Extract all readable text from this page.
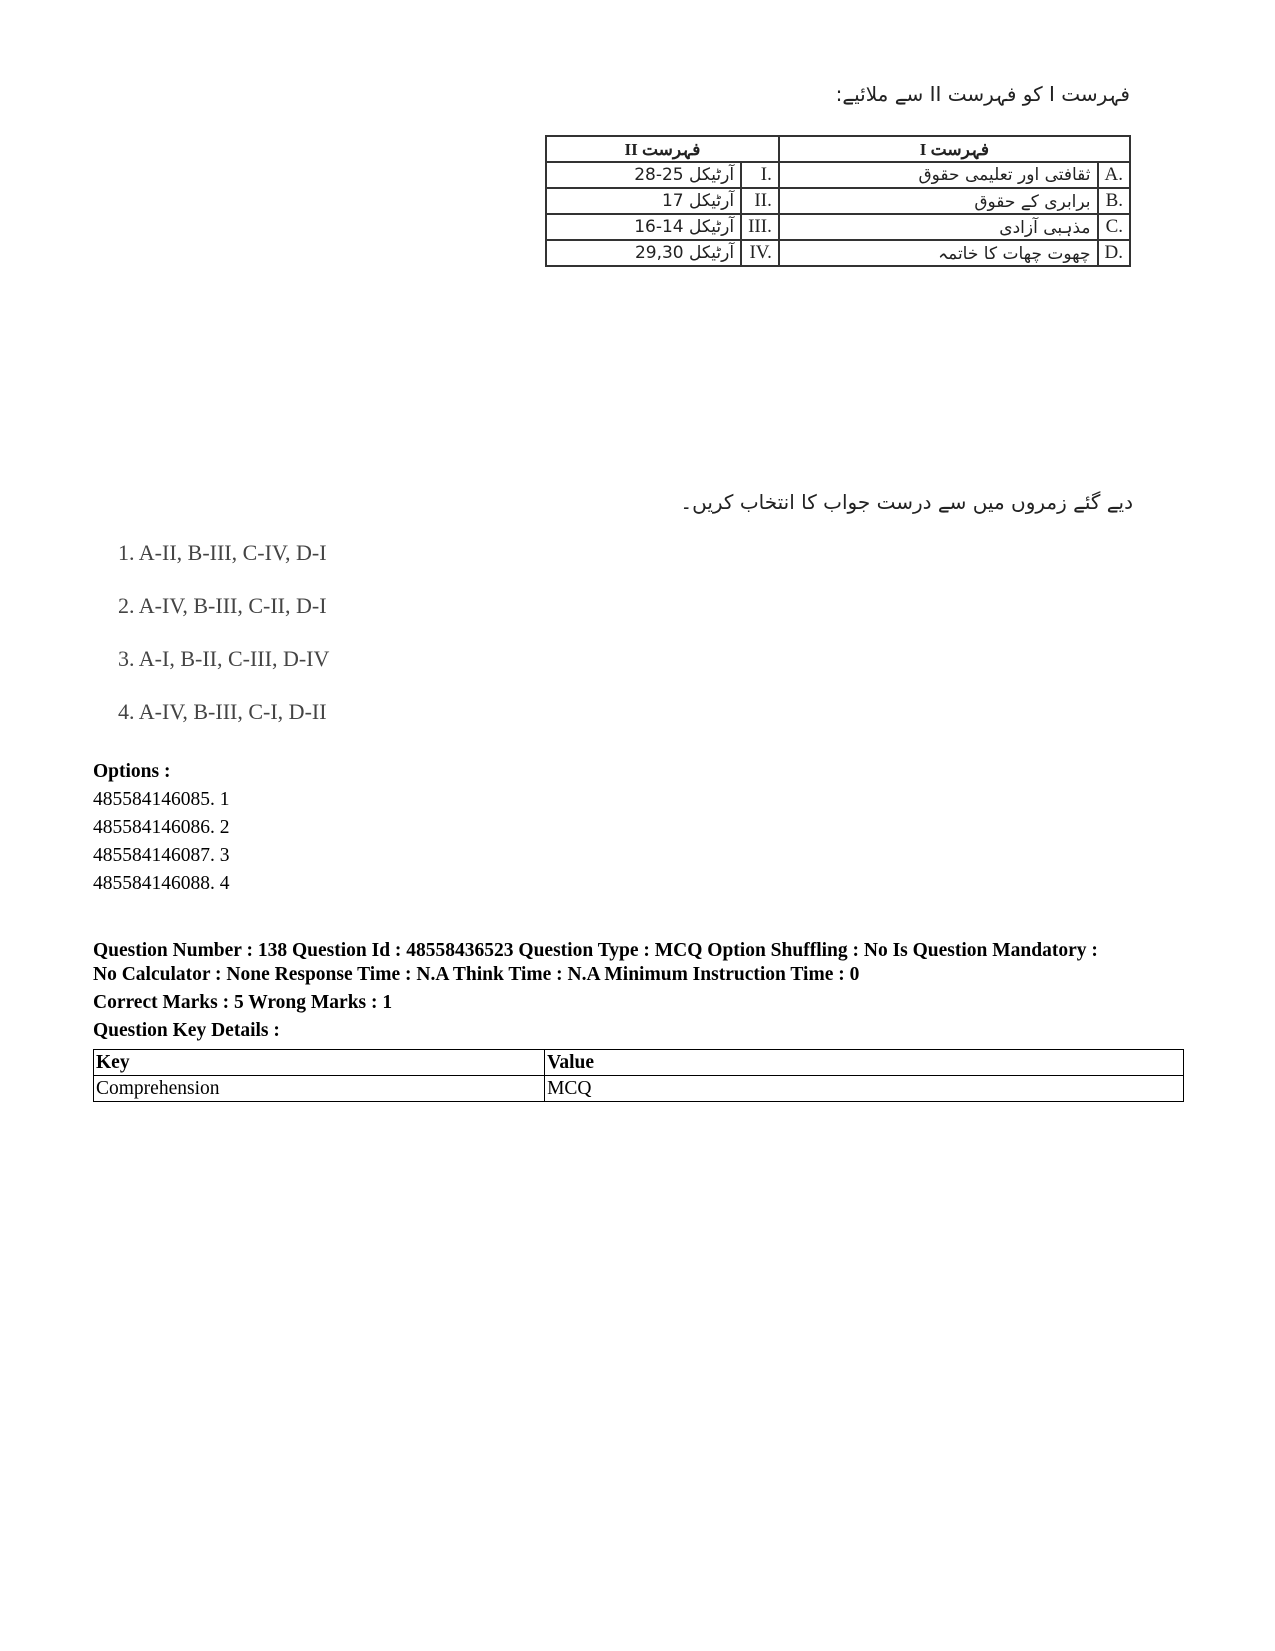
فہرست I کو فہرست II سے ملائیے:
فہرست I		فہرست II	
A.	ثقافتی اور تعلیمی حقوق	I.	آرٹیکل 25-28
B.	برابری کے حقوق	II.	آرٹیکل 17
C.	مذہبی آزادی	III.	آرٹیکل 14-16
D.	چھوت چھات کا خاتمہ	IV.	آرٹیکل 29,30
دیے گئے زمروں میں سے درست جواب کا انتخاب کریں۔
1. A-II, B-III, C-IV, D-I
2. A-IV, B-III, C-II, D-I
3. A-I, B-II, C-III, D-IV
4. A-IV, B-III, C-I, D-II
Options :
485584146085. 1
485584146086. 2
485584146087. 3
485584146088. 4
Question Number : 138 Question Id : 48558436523 Question Type : MCQ Option Shuffling : No Is Question Mandatory :
No Calculator : None Response Time : N.A Think Time : N.A Minimum Instruction Time : 0
Correct Marks : 5 Wrong Marks : 1
Question Key Details :
Key	Value
Comprehension	MCQ
